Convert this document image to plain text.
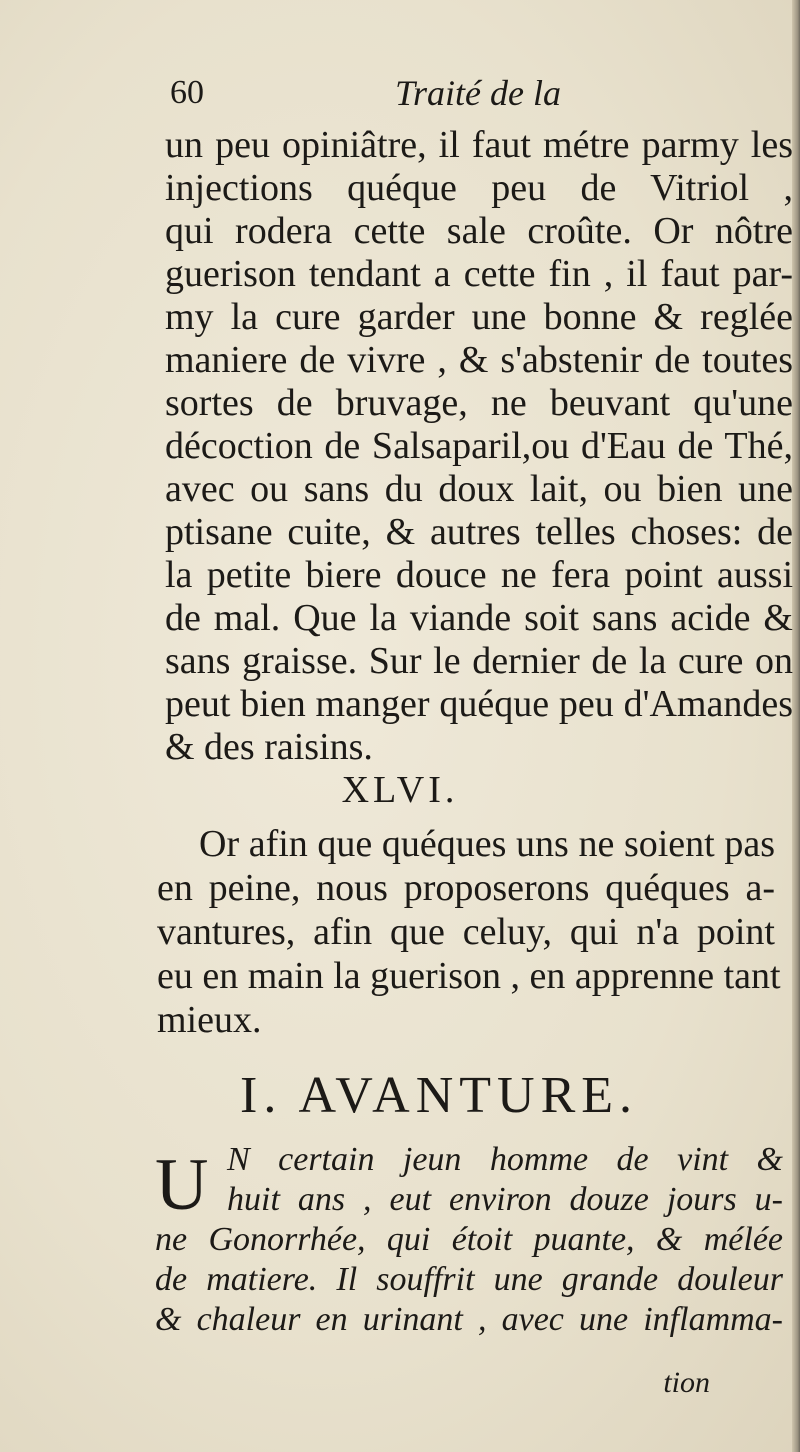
60	Traité de la
un peu opiniâtre, il faut métre parmy les
injections quéque peu de Vitriol ,
qui rodera cette sale croûte. Or nôtre
guerison tendant a cette fin , il faut par-
my la cure garder une bonne & reglée
maniere de vivre , & s'abstenir de toutes
sortes de bruvage, ne beuvant qu'une
décoction de Salsaparil,ou d'Eau de Thé,
avec ou sans du doux lait, ou bien une
ptisane cuite, & autres telles choses: de
la petite biere douce ne fera point aussi
de mal. Que la viande soit sans acide &
sans graisse. Sur le dernier de la cure on
peut bien manger quéque peu d'Amandes
& des raisins.
XLVI.
Or afin que quéques uns ne soient pas
en peine, nous proposerons quéques a-
vantures, afin que celuy, qui n'a point
eu en main la guerison , en apprenne tant
mieux.
I. AVANTURE.
U N certain jeun homme de vint &
huit ans , eut environ douze jours u-
ne Gonorrhée, qui étoit puante, & mélée
de matiere. Il souffrit une grande douleur
& chaleur en urinant , avec une inflamma-
tion
